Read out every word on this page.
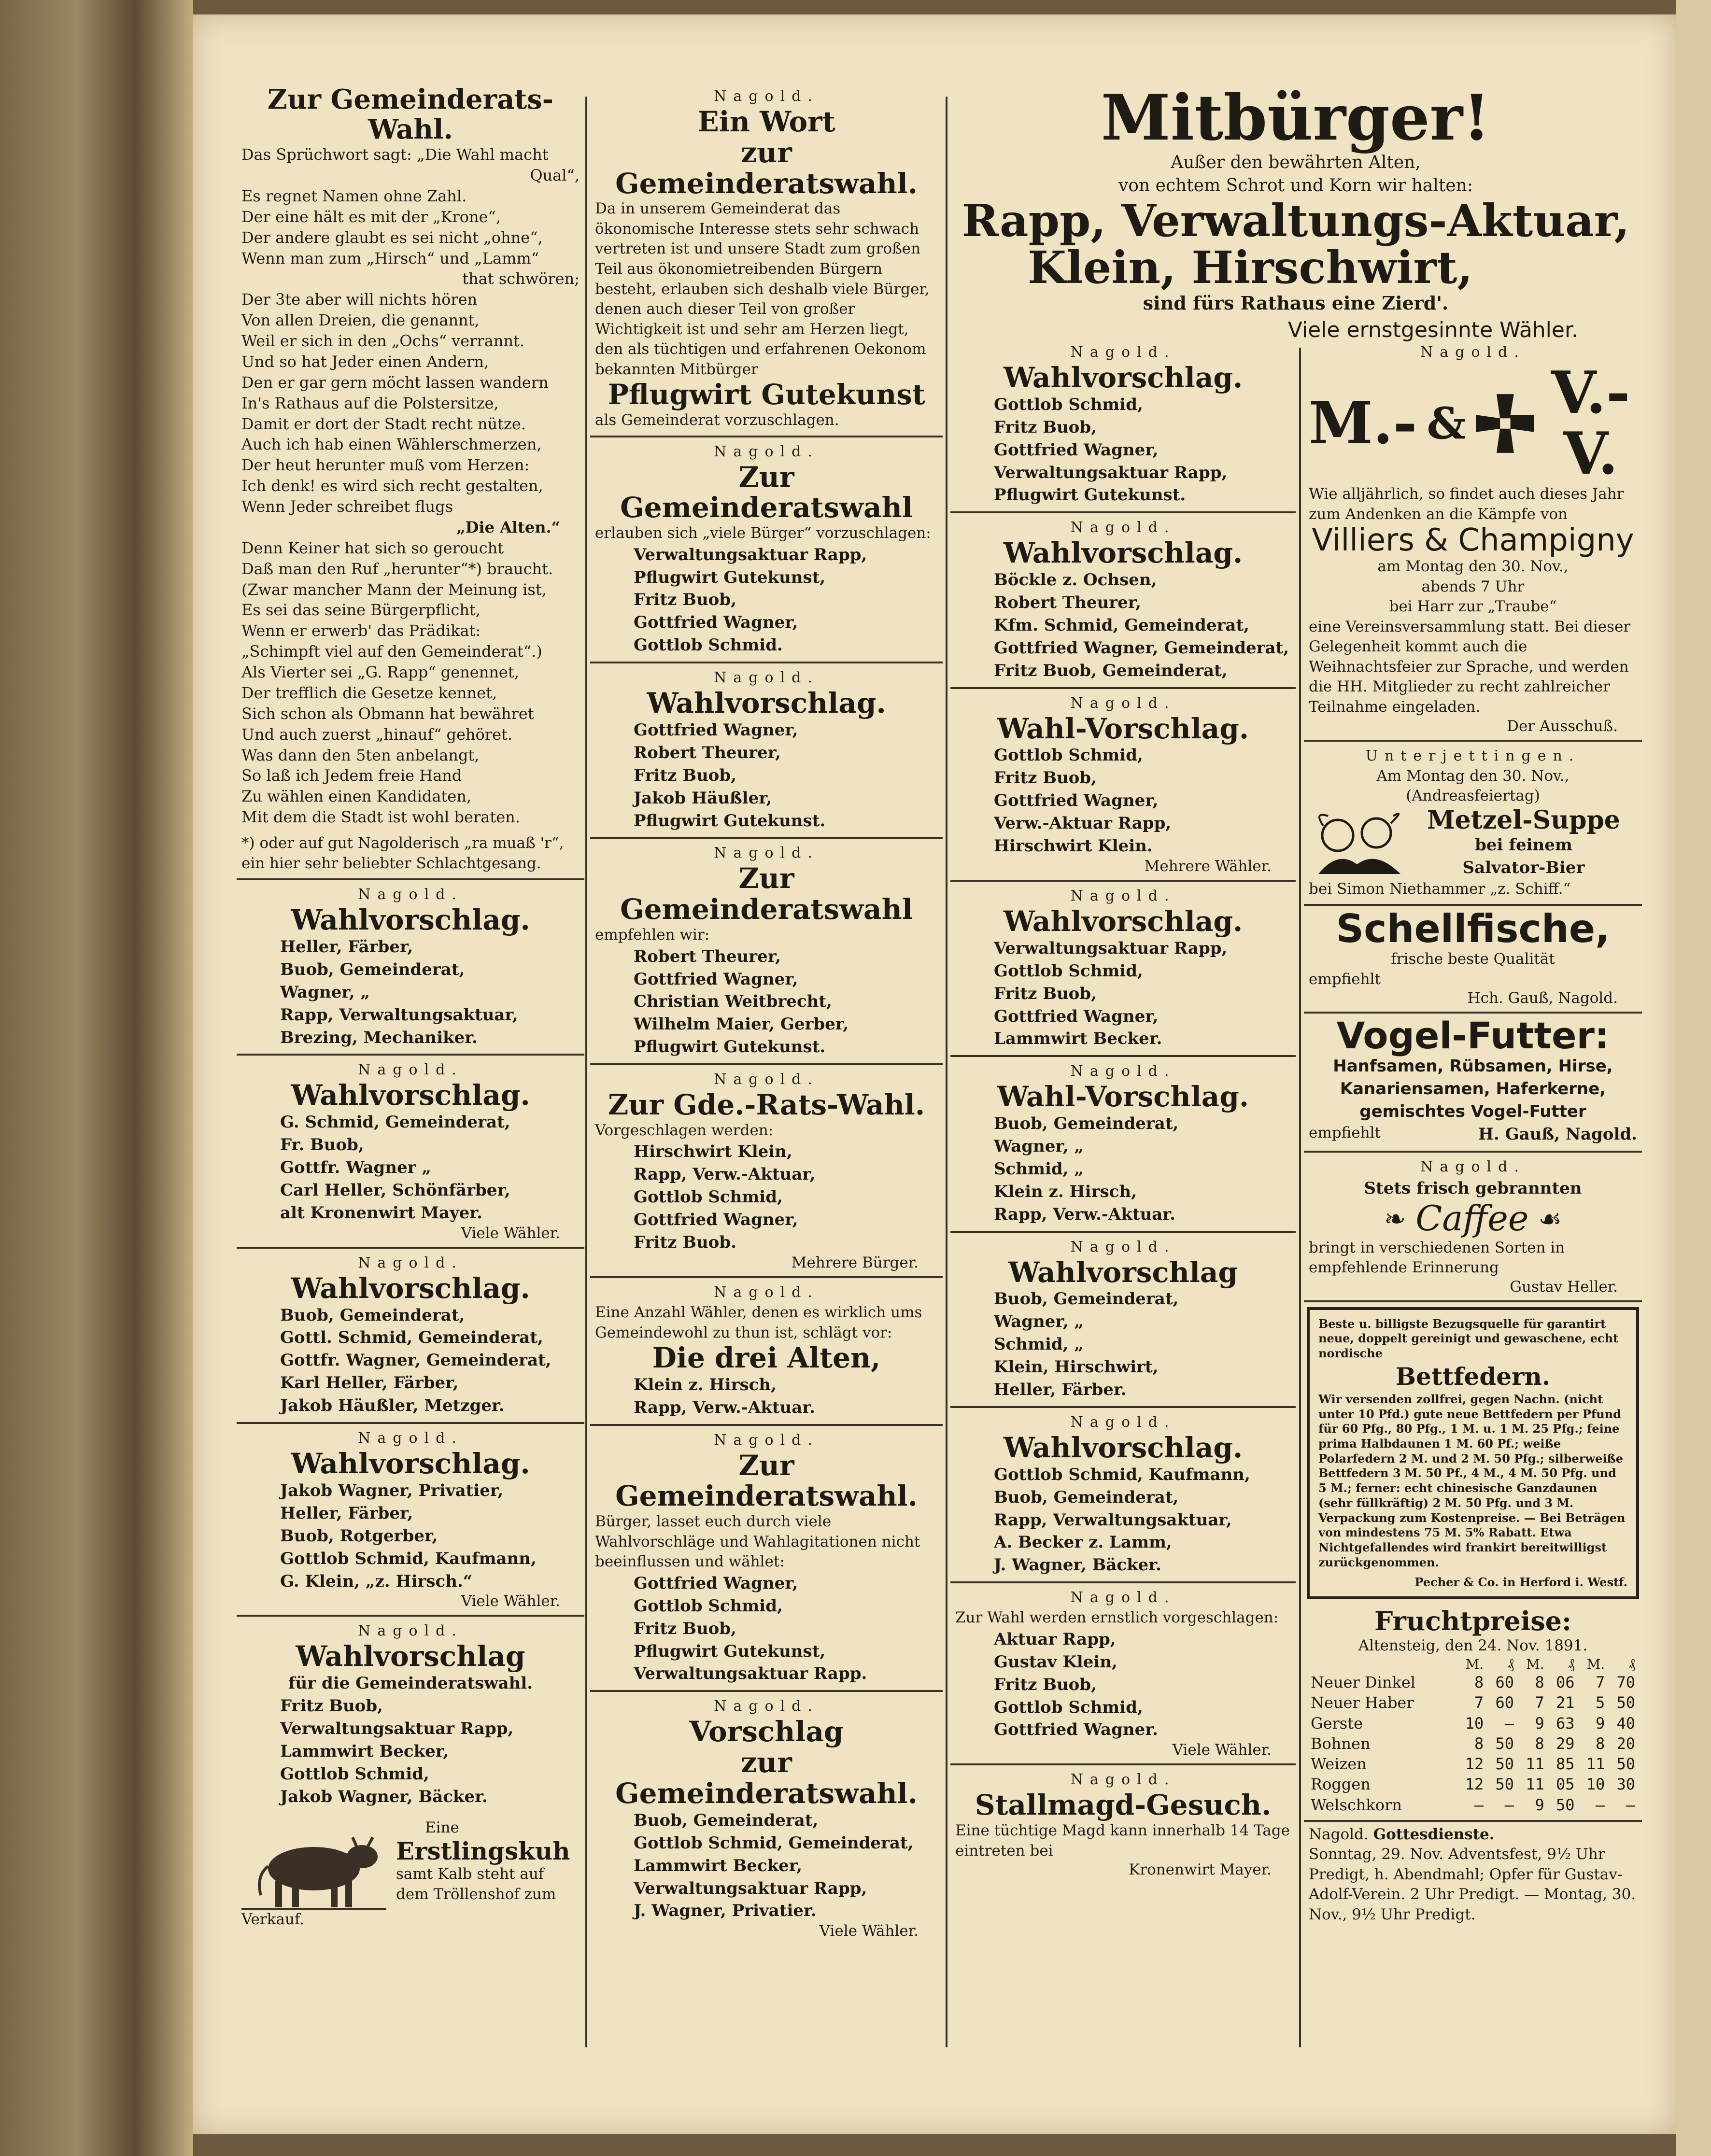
Zur Gemeinderats-Wahl.

Das Sprüchwort sagt: „Die Wahl macht

Qual“,

Es regnet Namen ohne Zahl.

Der eine hält es mit der „Krone“,

Der andere glaubt es sei nicht „ohne“,

Wenn man zum „Hirsch“ und „Lamm“

that schwören;

Der 3te aber will nichts hören

Von allen Dreien, die genannt,

Weil er sich in den „Ochs“ verrannt.

Und so hat Jeder einen Andern,

Den er gar gern möcht lassen wandern

In's Rathaus auf die Polstersitze,

Damit er dort der Stadt recht nütze.

Auch ich hab einen Wählerschmerzen,

Der heut herunter muß vom Herzen:

Ich denk! es wird sich recht gestalten,

Wenn Jeder schreibet flugs

„Die Alten.“

Denn Keiner hat sich so geroucht

Daß man den Ruf „herunter“*) braucht.

(Zwar mancher Mann der Meinung ist,

Es sei das seine Bürgerpflicht,

Wenn er erwerb' das Prädikat:

„Schimpft viel auf den Gemeinderat“.)

Als Vierter sei „G. Rapp“ genennet,

Der trefflich die Gesetze kennet,

Sich schon als Obmann hat bewähret

Und auch zuerst „hinauf“ gehöret.

Was dann den 5ten anbelangt,

So laß ich Jedem freie Hand

Zu wählen einen Kandidaten,

Mit dem die Stadt ist wohl beraten.

*) oder auf gut Nagolderisch „ra muaß 'r“, ein hier sehr beliebter Schlachtgesang.

Nagold.

Wahlvorschlag.

Heller, Färber,

Buob, Gemeinderat,

Wagner, „

Rapp, Verwaltungsaktuar,

Brezing, Mechaniker.

Nagold.

Wahlvorschlag.

G. Schmid, Gemeinderat,

Fr. Buob,

Gottfr. Wagner „

Carl Heller, Schönfärber,

alt Kronenwirt Mayer.

Viele Wähler.

Nagold.

Wahlvorschlag.

Buob, Gemeinderat,

Gottl. Schmid, Gemeinderat,

Gottfr. Wagner, Gemeinderat,

Karl Heller, Färber,

Jakob Häußler, Metzger.

Nagold.

Wahlvorschlag.

Jakob Wagner, Privatier,

Heller, Färber,

Buob, Rotgerber,

Gottlob Schmid, Kaufmann,

G. Klein, „z. Hirsch.“

Viele Wähler.

Nagold.

Wahlvorschlag

für die Gemeinderatswahl.

Fritz Buob,

Verwaltungsaktuar Rapp,

Lammwirt Becker,

Gottlob Schmid,

Jakob Wagner, Bäcker.

Eine

Erstlingskuh

samt Kalb steht auf

dem Tröllenshof zum

Verkauf.

Nagold.

Ein Wort

zur Gemeinderatswahl.

Da in unserem Gemeinderat das ökonomische Interesse stets sehr schwach vertreten ist und unsere Stadt zum großen Teil aus ökonomietreibenden Bürgern besteht, erlauben sich deshalb viele Bürger, denen auch dieser Teil von großer Wichtigkeit ist und sehr am Herzen liegt, den als tüchtigen und erfahrenen Oekonom bekannten Mitbürger

Pflugwirt Gutekunst

als Gemeinderat vorzuschlagen.

Nagold.

Zur Gemeinderatswahl

erlauben sich „viele Bürger“ vorzuschlagen:

Verwaltungsaktuar Rapp,

Pflugwirt Gutekunst,

Fritz Buob,

Gottfried Wagner,

Gottlob Schmid.

Nagold.

Wahlvorschlag.

Gottfried Wagner,

Robert Theurer,

Fritz Buob,

Jakob Häußler,

Pflugwirt Gutekunst.

Nagold.

Zur

Gemeinderatswahl

empfehlen wir:

Robert Theurer,

Gottfried Wagner,

Christian Weitbrecht,

Wilhelm Maier, Gerber,

Pflugwirt Gutekunst.

Nagold.

Zur Gde.-Rats-Wahl.

Vorgeschlagen werden:

Hirschwirt Klein,

Rapp, Verw.-Aktuar,

Gottlob Schmid,

Gottfried Wagner,

Fritz Buob.

Mehrere Bürger.

Nagold.

Eine Anzahl Wähler, denen es wirklich ums Gemeindewohl zu thun ist, schlägt vor:

Die drei Alten,

Klein z. Hirsch,

Rapp, Verw.-Aktuar.

Nagold.

Zur Gemeinderatswahl.

Bürger, lasset euch durch viele Wahlvorschläge und Wahlagitationen nicht beeinflussen und wählet:

Gottfried Wagner,

Gottlob Schmid,

Fritz Buob,

Pflugwirt Gutekunst,

Verwaltungsaktuar Rapp.

Nagold.

Vorschlag

zur Gemeinderatswahl.

Buob, Gemeinderat,

Gottlob Schmid, Gemeinderat,

Lammwirt Becker,

Verwaltungsaktuar Rapp,

J. Wagner, Privatier.

Viele Wähler.

Mitbürger!

Außer den bewährten Alten,

von echtem Schrot und Korn wir halten:

Rapp, Verwaltungs-Aktuar,

Klein, Hirschwirt,

sind fürs Rathaus eine Zierd'.

Viele ernstgesinnte Wähler.

Nagold.

Wahlvorschlag.

Gottlob Schmid,

Fritz Buob,

Gottfried Wagner,

Verwaltungsaktuar Rapp,

Pflugwirt Gutekunst.

Nagold.

Wahlvorschlag.

Böckle z. Ochsen,

Robert Theurer,

Kfm. Schmid, Gemeinderat,

Gottfried Wagner, Gemeinderat,

Fritz Buob, Gemeinderat,

Nagold.

Wahl-Vorschlag.

Gottlob Schmid,

Fritz Buob,

Gottfried Wagner,

Verw.-Aktuar Rapp,

Hirschwirt Klein.

Mehrere Wähler.

Nagold.

Wahlvorschlag.

Verwaltungsaktuar Rapp,

Gottlob Schmid,

Fritz Buob,

Gottfried Wagner,

Lammwirt Becker.

Nagold.

Wahl-Vorschlag.

Buob, Gemeinderat,

Wagner, „

Schmid, „

Klein z. Hirsch,

Rapp, Verw.-Aktuar.

Nagold.

Wahlvorschlag

Buob, Gemeinderat,

Wagner, „

Schmid, „

Klein, Hirschwirt,

Heller, Färber.

Nagold.

Wahlvorschlag.

Gottlob Schmid, Kaufmann,

Buob, Gemeinderat,

Rapp, Verwaltungsaktuar,

A. Becker z. Lamm,

J. Wagner, Bäcker.

Nagold.

Zur Wahl werden ernstlich vorgeschlagen:

Aktuar Rapp,

Gustav Klein,

Fritz Buob,

Gottlob Schmid,

Gottfried Wagner.

Viele Wähler.

Nagold.

Stallmagd-Gesuch.

Eine tüchtige Magd kann innerhalb 14 Tage eintreten bei

Kronenwirt Mayer.

Nagold.

M.- & V.-V.

Wie alljährlich, so findet auch dieses Jahr zum Andenken an die Kämpfe von

Villiers & Champigny

am Montag den 30. Nov.,

abends 7 Uhr

bei Harr zur „Traube“

eine Vereinsversammlung statt. Bei dieser Gelegenheit kommt auch die Weihnachtsfeier zur Sprache, und werden die HH. Mitglieder zu recht zahlreicher Teilnahme eingeladen.

Der Ausschuß.

Unterjettingen.

Am Montag den 30. Nov.,

(Andreasfeiertag)

Metzel-Suppe

bei feinem

Salvator-Bier

bei Simon Niethammer „z. Schiff.“

Schellfische,

frische beste Qualität

empfiehlt

Hch. Gauß, Nagold.

Vogel-Futter:

Hanfsamen, Rübsamen, Hirse,

Kanariensamen, Haferkerne,

gemischtes Vogel-Futter

empfiehlt	H. Gauß, Nagold.

Nagold.

Stets frisch gebrannten

❧ Caffee ☙

bringt in verschiedenen Sorten in empfehlende Erinnerung

Gustav Heller.

Beste u. billigste Bezugsquelle für garantirt neue, doppelt gereinigt und gewaschene, echt nordische

Bettfedern.

Wir versenden zollfrei, gegen Nachn. (nicht unter 10 Pfd.) gute neue Bettfedern per Pfund für 60 Pfg., 80 Pfg., 1 M. u. 1 M. 25 Pfg.; feine prima Halbdaunen 1 M. 60 Pf.; weiße Polarfedern 2 M. und 2 M. 50 Pfg.; silberweiße Bettfedern 3 M. 50 Pf., 4 M., 4 M. 50 Pfg. und 5 M.; ferner: echt chinesische Ganzdaunen (sehr füllkräftig) 2 M. 50 Pfg. und 3 M. Verpackung zum Kostenpreise. — Bei Beträgen von mindestens 75 M. 5% Rabatt. Etwa Nichtgefallendes wird frankirt bereitwilligst zurückgenommen.

Pecher & Co. in Herford i. Westf.

Fruchtpreise:

Altensteig, den 24. Nov. 1891.

	M.	₰	M.	₰	M.	₰
Neuer Dinkel	8	60	8	06	7	70
Neuer Haber	7	60	7	21	5	50
Gerste	10	—	9	63	9	40
Bohnen	8	50	8	29	8	20
Weizen	12	50	11	85	11	50
Roggen	12	50	11	05	10	30
Welschkorn	—	—	9	50	—	—

Nagold. Gottesdienste.

Sonntag, 29. Nov. Adventsfest, 9½ Uhr Predigt, h. Abendmahl; Opfer für Gustav-Adolf-Verein. 2 Uhr Predigt. — Montag, 30. Nov., 9½ Uhr Predigt.
